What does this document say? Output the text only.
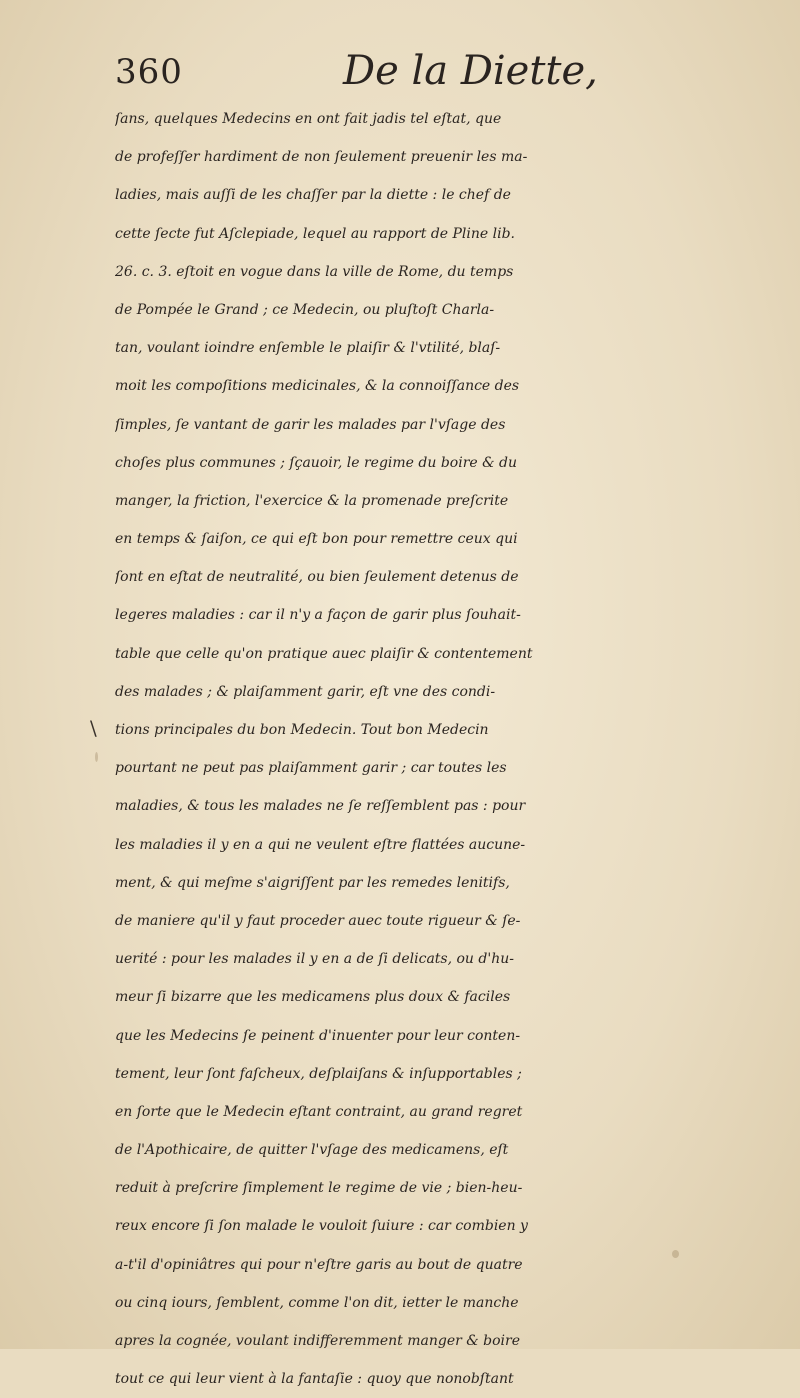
360	De la Diette,
\
ſans, quelques Medecins en ont fait jadis tel eſtat, que
de profeſſer hardiment de non ſeulement preuenir les ma-
ladies, mais auſſi de les chaſſer par la diette : le chef de
cette ſecte fut Aſclepiade, lequel au rapport de Pline lib.
26. c. 3. eſtoit en vogue dans la ville de Rome, du temps
de Pompée le Grand ; ce Medecin, ou pluſtoſt Charla-
tan, voulant ioindre enſemble le plaiſir & l'vtilité, blaſ-
moit les compoſitions medicinales, & la connoiſſance des
ſimples, ſe vantant de garir les malades par l'vſage des
choſes plus communes ; ſçauoir, le regime du boire & du
manger, la friction, l'exercice & la promenade preſcrite
en temps & ſaiſon, ce qui eſt bon pour remettre ceux qui
ſont en eſtat de neutralité, ou bien ſeulement detenus de
legeres maladies : car il n'y a façon de garir plus ſouhait-
table que celle qu'on pratique auec plaiſir & contentement
des malades ; & plaiſamment garir, eſt vne des condi-
tions principales du bon Medecin. Tout bon Medecin
pourtant ne peut pas plaiſamment garir ; car toutes les
maladies, & tous les malades ne ſe reſſemblent pas : pour
les maladies il y en a qui ne veulent eſtre flattées aucune-
ment, & qui meſme s'aigriſſent par les remedes lenitifs,
de maniere qu'il y faut proceder auec toute rigueur & ſe-
uerité : pour les malades il y en a de ſi delicats, ou d'hu-
meur ſi bizarre que les medicamens plus doux & faciles
que les Medecins ſe peinent d'inuenter pour leur conten-
tement, leur ſont faſcheux, deſplaiſans & inſupportables ;
en ſorte que le Medecin eſtant contraint, au grand regret
de l'Apothicaire, de quitter l'vſage des medicamens, eſt
reduit à preſcrire ſimplement le regime de vie ; bien-heu-
reux encore ſi ſon malade le vouloit ſuiure : car combien y
a-t'il d'opiniâtres qui pour n'eſtre garis au bout de quatre
ou cinq iours, ſemblent, comme l'on dit, ietter le manche
apres la cognée, voulant indifferemment manger & boire
tout ce qui leur vient à la fantaſie : quoy que nonobſtant
